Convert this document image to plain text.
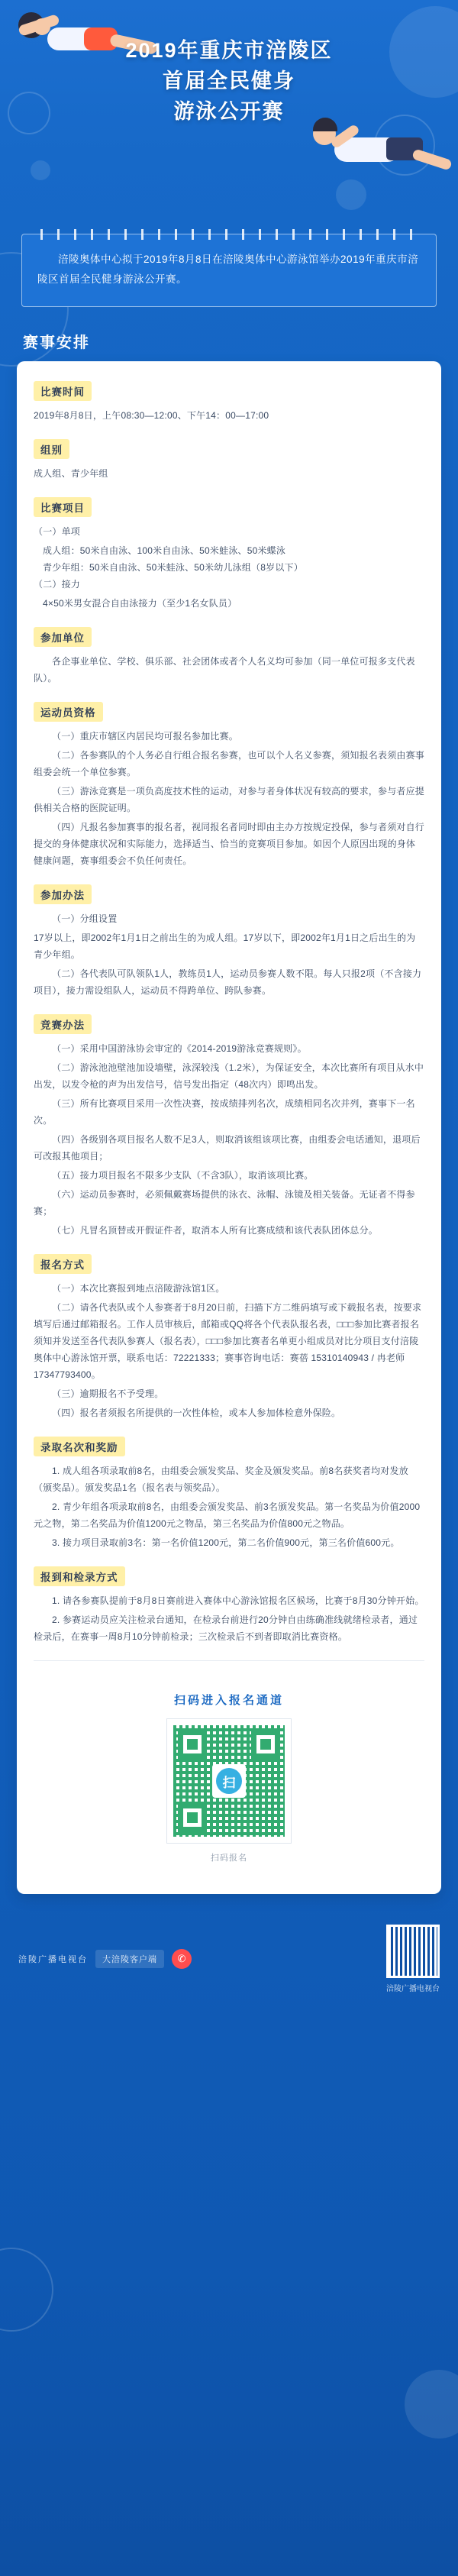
2019年重庆市涪陵区
首届全民健身
游泳公开赛

涪陵奥体中心拟于2019年8月8日在涪陵奥体中心游泳馆举办2019年重庆市涪陵区首届全民健身游泳公开赛。

赛事安排
比赛时间

2019年8月8日，上午08:30—12:00、下午14：00—17:00

组别

成人组、青少年组

比赛项目

（一）单项

成人组：50米自由泳、100米自由泳、50米蛙泳、50米蝶泳

青少年组：50米自由泳、50米蛙泳、50米幼儿泳组（8岁以下）

（二）接力

4×50米男女混合自由泳接力（至少1名女队员）

参加单位

各企事业单位、学校、俱乐部、社会团体或者个人名义均可参加（同一单位可报多支代表队）。

运动员资格

（一）重庆市辖区内居民均可报名参加比赛。

（二）各参赛队的个人务必自行组合报名参赛，也可以个人名义参赛，须知报名表须由赛事组委会统一个单位参赛。

（三）游泳竞赛是一项负高度技术性的运动，对参与者身体状况有较高的要求，参与者应提供相关合格的医院证明。

（四）凡报名参加赛事的报名者，视同报名者同时即由主办方按规定投保，参与者须对自行提交的身体健康状况和实际能力，选择适当、恰当的竞赛项目参加。如因个人原因出现的身体健康问题，赛事组委会不负任何责任。

参加办法

（一）分组设置

17岁以上，即2002年1月1日之前出生的为成人组。17岁以下，即2002年1月1日之后出生的为青少年组。

（二）各代表队可队领队1人，教练员1人，运动员参赛人数不限。每人只报2项（不含接力项目），接力需设组队人，运动员不得跨单位、跨队参赛。

竞赛办法

（一）采用中国游泳协会审定的《2014-2019游泳竞赛规则》。

（二）游泳池池壁池加设墙壁，泳深较浅（1.2米），为保证安全，本次比赛所有项目从水中出发，以发令枪的声为出发信号，信号发出指定（48次内）即鸣出发。

（三）所有比赛项目采用一次性决赛，按成绩排列名次，成绩相同名次并列，赛事下一名次。

（四）各级别各项目报名人数不足3人，则取消该组该项比赛，由组委会电话通知，退项后可改报其他项目；

（五）接力项目报名不限多少支队（不含3队），取消该项比赛。

（六）运动员参赛时，必须佩戴赛场提供的泳衣、泳帽、泳镜及相关装备。无证者不得参赛；

（七）凡冒名顶替或开假证件者，取消本人所有比赛成绩和该代表队团体总分。

报名方式

（一）本次比赛报到地点涪陵游泳馆1区。

（二）请各代表队或个人参赛者于8月20日前，扫描下方二维码填写或下载报名表，按要求填写后通过邮箱报名。工作人员审核后，邮箱或QQ将各个代表队报名表，□□□参加比赛者报名须知并发送至各代表队参赛人（报名表），□□□参加比赛者名单更小组成员对比分项目支付涪陵奥体中心游泳馆开票，联系电话：72221333；赛事咨询电话：赛蓓 15310140943 / 冉老师 17347793400。

（三）逾期报名不予受理。

（四）报名者须报名所提供的一次性体检，或本人参加体检意外保险。

录取名次和奖励

1. 成人组各项录取前8名，由组委会颁发奖品、奖金及颁发奖品。前8名获奖者均对发放（颁奖品）。颁发奖品1名（报名表与领奖品）。

2. 青少年组各项录取前8名，由组委会颁发奖品、前3名颁发奖品。第一名奖品为价值2000元之物，第二名奖品为价值1200元之物品，第三名奖品为价值800元之物品。

3. 接力项目录取前3名：第一名价值1200元，第二名价值900元，第三名价值600元。

报到和检录方式

1. 请各参赛队提前于8月8日赛前进入赛体中心游泳馆报名区候场，比赛于8月30分钟开始。

2. 参赛运动员应关注检录台通知，在检录台前进行20分钟自由练确准线就绪检录者，通过检录后，在赛事一周8月10分钟前检录；三次检录后不到者即取消比赛资格。

扫码进入报名通道
扫
扫码报名
涪陵广播电视台	大涪陵客户端	✆
涪陵广播电视台
